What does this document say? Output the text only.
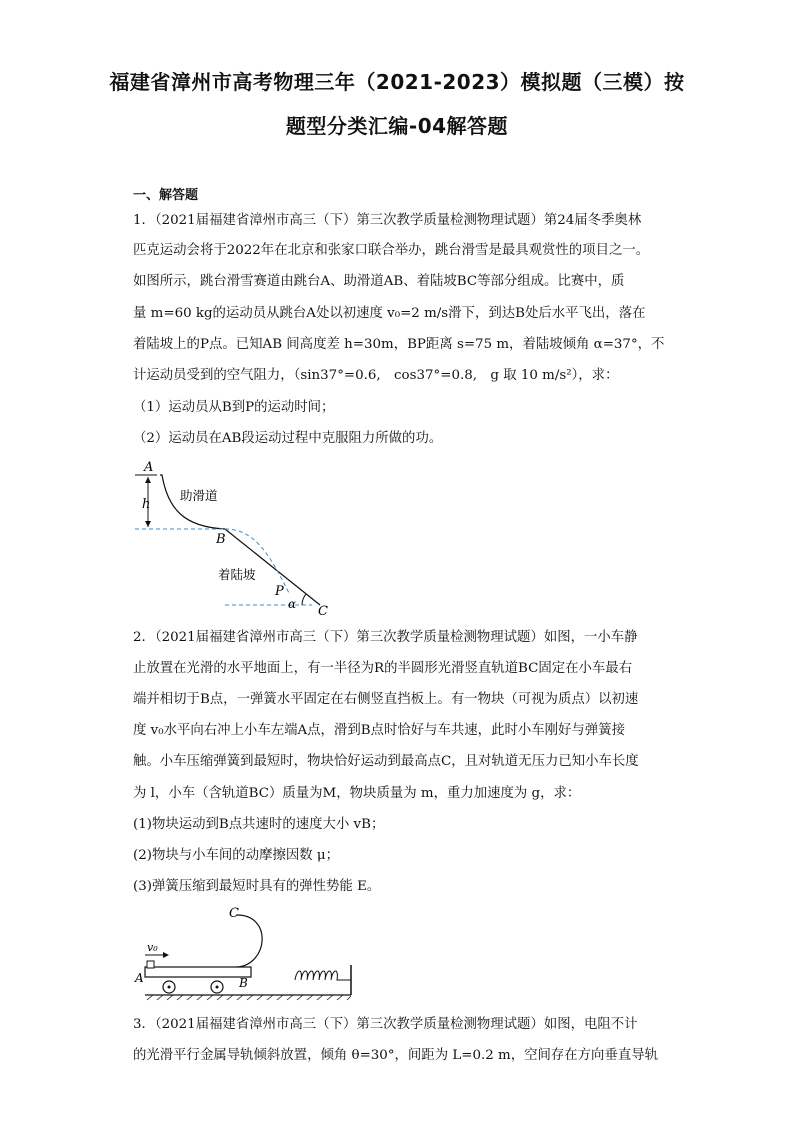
福建省漳州市高考物理三年（2021-2023）模拟题（三模）按
题型分类汇编-04解答题
一、解答题
1．（2021届福建省漳州市高三（下）第三次教学质量检测物理试题）第24届冬季奥林
匹克运动会将于2022年在北京和张家口联合举办，跳台滑雪是最具观赏性的项目之一。
如图所示，跳台滑雪赛道由跳台A、助滑道AB、着陆坡BC等部分组成。比赛中，质
量 m=60 kg的运动员从跳台A处以初速度 v₀=2 m/s滑下，到达B处后水平飞出，落在
着陆坡上的P点。已知AB 间高度差 h=30m，BP距离 s=75 m，着陆坡倾角 α=37°，不
计运动员受到的空气阻力，（sin37°=0.6,　cos37°=0.8,　g 取 10 m/s²），求：
（1）运动员从B到P的运动时间；
（2）运动员在AB段运动过程中克服阻力所做的功。
A
h
B
P
C
α
助滑道
着陆坡
2．（2021届福建省漳州市高三（下）第三次教学质量检测物理试题）如图，一小车静
止放置在光滑的水平地面上，有一半径为R的半圆形光滑竖直轨道BC固定在小车最右
端并相切于B点，一弹簧水平固定在右侧竖直挡板上。有一物块（可视为质点）以初速
度 v₀水平向右冲上小车左端A点，滑到B点时恰好与车共速，此时小车刚好与弹簧接
触。小车压缩弹簧到最短时，物块恰好运动到最高点C，且对轨道无压力已知小车长度
为 l，小车（含轨道BC）质量为M，物块质量为 m，重力加速度为 g，求：
(1)物块运动到B点共速时的速度大小 vB；
(2)物块与小车间的动摩擦因数 μ；
(3)弹簧压缩到最短时具有的弹性势能 E。
C
v₀
A	B
3．（2021届福建省漳州市高三（下）第三次教学质量检测物理试题）如图，电阻不计
的光滑平行金属导轨倾斜放置，倾角 θ=30°，间距为 L=0.2 m，空间存在方向垂直导轨
